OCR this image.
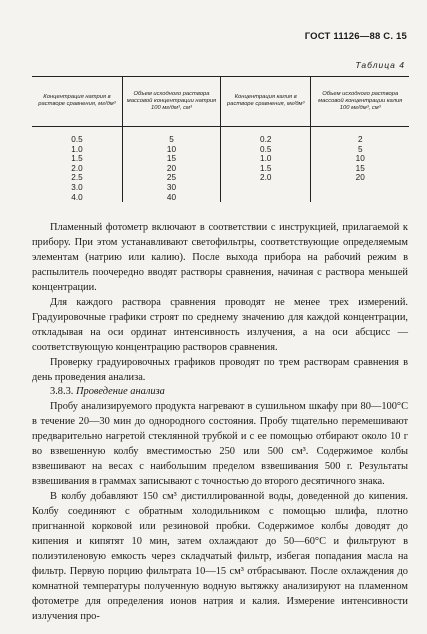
ГОСТ 11126—88 С. 15
Таблица 4
Концентрация натрия в растворе сравнения, мг/дм³	Объем исходного раствора массовой концентрации натрия 100 мг/дм³, см³	Концентрация калия в растворе сравнения, мг/дм³	Объем исходного раствора массовой концентрации калия 100 мг/дм³, см³

0.5	5	0.2	2
1.0	10	0.5	5
1.5	15	1.0	10
2.0	20	1.5	15
2.5	25	2.0	20
3.0	30		
4.0	40		

Пламенный фотометр включают в соответствии с инструкцией, прилагаемой к прибору. При этом устанавливают светофильтры, соответствующие определяемым элементам (натрию или калию). После выхода прибора на рабочий режим в распылитель поочередно вводят растворы сравнения, начиная с раствора меньшей концентрации.

Для каждого раствора сравнения проводят не менее трех измерений. Градуировочные графики строят по среднему значению для каждой концентрации, откладывая на оси ординат интенсивность излучения, а на оси абсцисс — соответствующую концентрацию растворов сравнения.

Проверку градуировочных графиков проводят по трем растворам сравнения в день проведения анализа.

3.8.3. Проведение анализа

Пробу анализируемого продукта нагревают в сушильном шкафу при 80—100°С в течение 20—30 мин до однородного состояния. Пробу тщательно перемешивают предварительно нагретой стеклянной трубкой и с ее помощью отбирают около 10 г во взвешенную колбу вместимостью 250 или 500 см³. Содержимое колбы взвешивают на весах с наибольшим пределом взвешивания 500 г. Результаты взвешивания в граммах записывают с точностью до второго десятичного знака.

В колбу добавляют 150 см³ дистиллированной воды, доведенной до кипения. Колбу соединяют с обратным холодильником с помощью шлифа, плотно пригнанной корковой или резиновой пробки. Содержимое колбы доводят до кипения и кипятят 10 мин, затем охлаждают до 50—60°С и фильтруют в полиэтиленовую емкость через складчатый фильтр, избегая попадания масла на фильтр. Первую порцию фильтрата 10—15 см³ отбрасывают. После охлаждения до комнатной температуры полученную водную вытяжку анализируют на пламенном фотометре для определения ионов натрия и калия. Измерение интенсивности излучения про-
